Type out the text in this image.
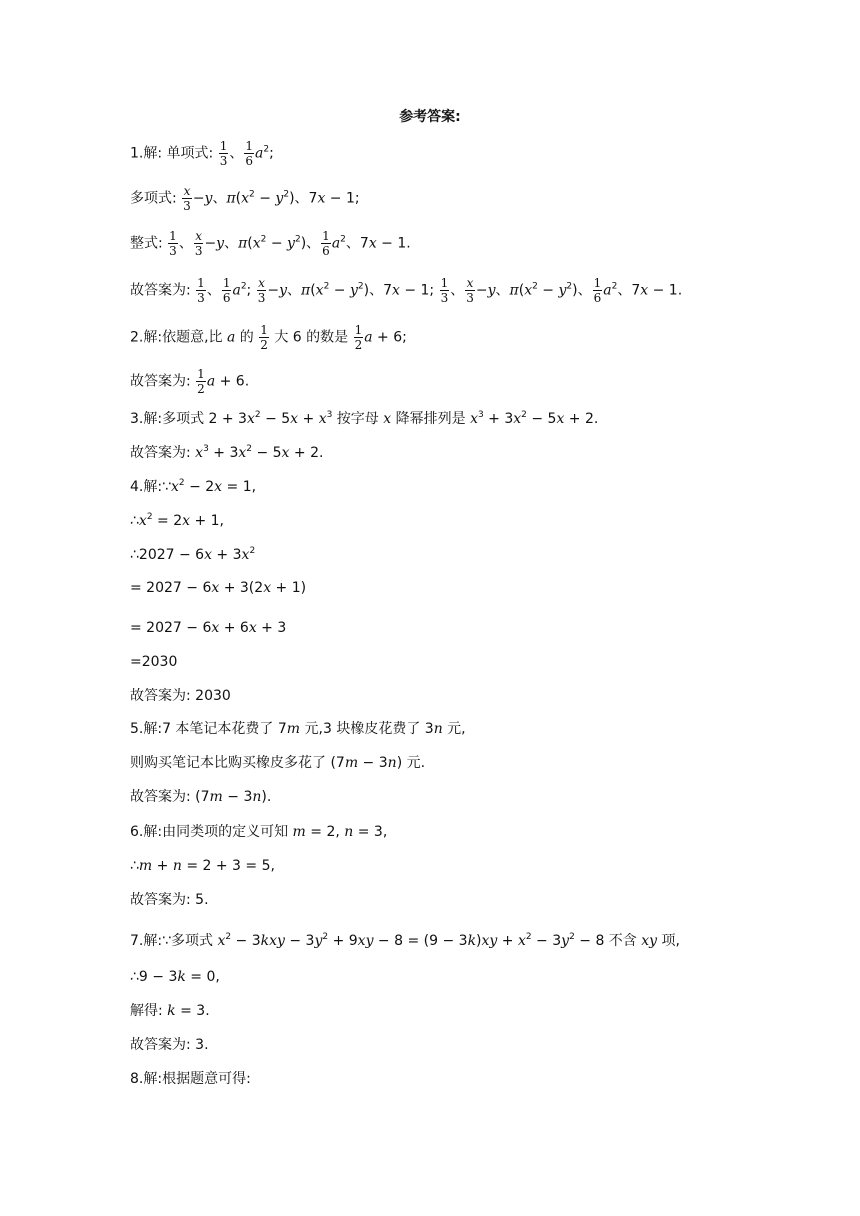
参考答案:
1.解: 单项式: $\frac{1}{3}$ 、 $\frac{1}{6} a^2$;
多项式: $\frac{x}{3} -y$、$\pi(x^2 - y^2)$、7x − 1;
整式: $\frac{1}{3}$ 、 $\frac{x}{3} -y$、$\pi(x^2 - y^2)$、 $\frac{1}{6} a^2$、7x − 1.
故答案为: $\frac{1}{3}$ 、 $\frac{1}{6} a^2$; $\frac{x}{3} -y$、$\pi(x^2 - y^2)$、7x − 1; $\frac{1}{3}$ 、 $\frac{x}{3} -y$、$\pi(x^2 - y^2)$、 $\frac{1}{6} a^2$、7x − 1.
2.解:依题意,比 a 的 $\frac{1}{2}$ 大 6 的数是 $\frac{1}{2}$ a + 6;
故答案为: $\frac{1}{2}$ a + 6.
3.解:多项式 $2 + 3x^2 - 5x + x^3$ 按字母 x 降幂排列是 $x^3 + 3x^2 - 5x + 2$.
故答案为: $x^3 + 3x^2 - 5x + 2$.
4.解$:\because x^2 - 2x = 1$,
$\therefore x^2 = 2x + 1$,
∴2027 − $6x + 3x^2$
= 2027 − 6x + 3(2x + 1)
= 2027 − 6x + 6x + 3
=2030
故答案为: 2030
5.解:7 本笔记本花费了 7m 元,3 块橡皮花费了 3n 元,
则购买笔记本比购买橡皮多花了 (7m − 3n) 元.
故答案为: (7m − 3n).
6.解:由同类项的定义可知 m = 2, n = 3,
∴m + n = 2 + 3 = 5,
故答案为: 5.
7.解:∵多项式 $x^2 - 3kxy - 3y^2 + 9xy - 8 = (9 - 3k)xy + x^2 - 3y^2 - 8$ 不含 xy 项,
∴9 − 3k = 0,
解得: k = 3.
故答案为: 3.
8.解:根据题意可得:
